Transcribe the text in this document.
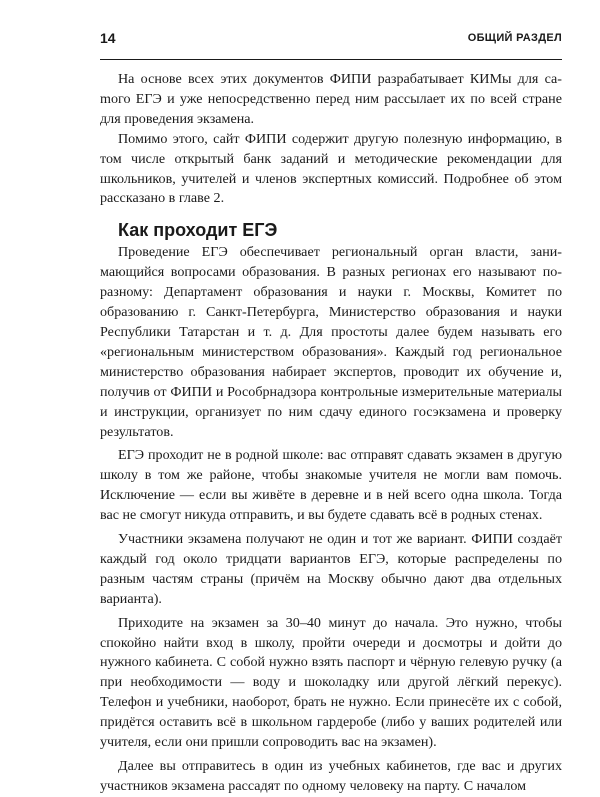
14	ОБЩИЙ РАЗДЕЛ

На основе всех этих документов ФИПИ разрабатывает КИМы для саmого ЕГЭ и уже непосредственно перед ним рассылает их по всей стране для проведения экзамена.

Помимо этого, сайт ФИПИ содержит другую полезную информацию, в том числе открытый банк заданий и методические рекомендации для школьников, учителей и членов экспертных комиссий. Подробнее об этом рассказано в главе 2.

Как проходит ЕГЭ

Проведение ЕГЭ обеспечивает региональный орган власти, занимающийся вопросами образования. В разных регионах его называют по-разному: Департамент образования и науки г. Москвы, Комитет по образованию г. Санкт-Петербурга, Министерство образования и науки Республики Татарстан и т. д. Для простоты далее будем называть его «региональным министерством образования». Каждый год региональное министерство образования набирает экспертов, проводит их обучение и, получив от ФИПИ и Рособрнадзора контрольные измерительные материалы и инструкции, организует по ним сдачу единого госэкзамена и проверку результатов.

ЕГЭ проходит не в родной школе: вас отправят сдавать экзамен в другую школу в том же районе, чтобы знакомые учителя не могли вам помочь. Исключение — если вы живёте в деревне и в ней всего одна школа. Тогда вас не смогут никуда отправить, и вы будете сдавать всё в родных стенах.

Участники экзамена получают не один и тот же вариант. ФИПИ создаёт каждый год около тридцати вариантов ЕГЭ, которые распределены по разным частям страны (причём на Москву обычно дают два отдельных варианта).

Приходите на экзамен за 30–40 минут до начала. Это нужно, чтобы спокойно найти вход в школу, пройти очереди и досмотры и дойти до нужного кабинета. С собой нужно взять паспорт и чёрную гелевую ручку (а при необходимости — воду и шоколадку или другой лёгкий перекус). Телефон и учебники, наоборот, брать не нужно. Если принесёте их с собой, придётся оставить всё в школьном гардеробе (либо у ваших родителей или учителя, если они пришли сопроводить вас на экзамен).

Далее вы отправитесь в один из учебных кабинетов, где вас и других участников экзамена рассадят по одному человеку на парту. С началом
